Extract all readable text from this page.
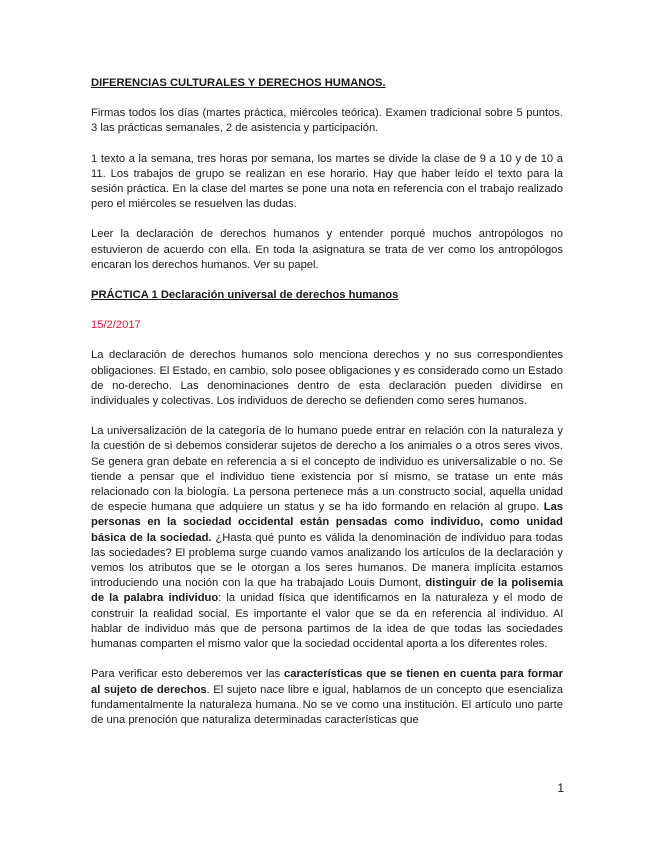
DIFERENCIAS CULTURALES Y DERECHOS HUMANOS.

Firmas todos los días (martes práctica, miércoles teórica). Examen tradicional sobre 5 puntos. 3 las prácticas semanales, 2 de asistencia y participación.

1 texto a la semana, tres horas por semana, los martes se divide la clase de 9 a 10 y de 10 a 11. Los trabajos de grupo se realizan en ese horario. Hay que haber leído el texto para la sesión práctica. En la clase del martes se pone una nota en referencia con el trabajo realizado pero el miércoles se resuelven las dudas.

Leer la declaración de derechos humanos y entender porqué muchos antropólogos no estuvieron de acuerdo con ella. En toda la asignatura se trata de ver como los antropólogos encaran los derechos humanos. Ver su papel.

PRÁCTICA 1 Declaración universal de derechos humanos

15/2/2017

La declaración de derechos humanos solo menciona derechos y no sus correspondientes obligaciones. El Estado, en cambio, solo posee obligaciones y es considerado como un Estado de no-derecho. Las denominaciones dentro de esta declaración pueden dividirse en individuales y colectivas. Los individuos de derecho se defienden como seres humanos.

La universalización de la categoría de lo humano puede entrar en relación con la naturaleza y la cuestión de si debemos considerar sujetos de derecho a los animales o a otros seres vivos. Se genera gran debate en referencia a si el concepto de individuo es universalizable o no. Se tiende a pensar que el individuo tiene existencia por sí mismo, se tratase un ente más relacionado con la biología. La persona pertenece más a un constructo social, aquella unidad de especie humana que adquiere un status y se ha ido formando en relación al grupo. Las personas en la sociedad occidental están pensadas como individuo, como unidad básica de la sociedad. ¿Hasta qué punto es válida la denominación de individuo para todas las sociedades? El problema surge cuando vamos analizando los artículos de la declaración y vemos los atributos que se le otorgan a los seres humanos. De manera implícita estamos introduciendo una noción con la que ha trabajado Louis Dumont, distinguir de la polisemia de la palabra individuo: la unidad física que identificamos en la naturaleza y el modo de construir la realidad social. Es importante el valor que se da en referencia al individuo. Al hablar de individuo más que de persona partimos de la idea de que todas las sociedades humanas comparten el mismo valor que la sociedad occidental aporta a los diferentes roles.

Para verificar esto deberemos ver las características que se tienen en cuenta para formar al sujeto de derechos. El sujeto nace libre e igual, hablamos de un concepto que esencializa fundamentalmente la naturaleza humana. No se ve como una institución. El artículo uno parte de una prenoción que naturaliza determinadas características que

1
